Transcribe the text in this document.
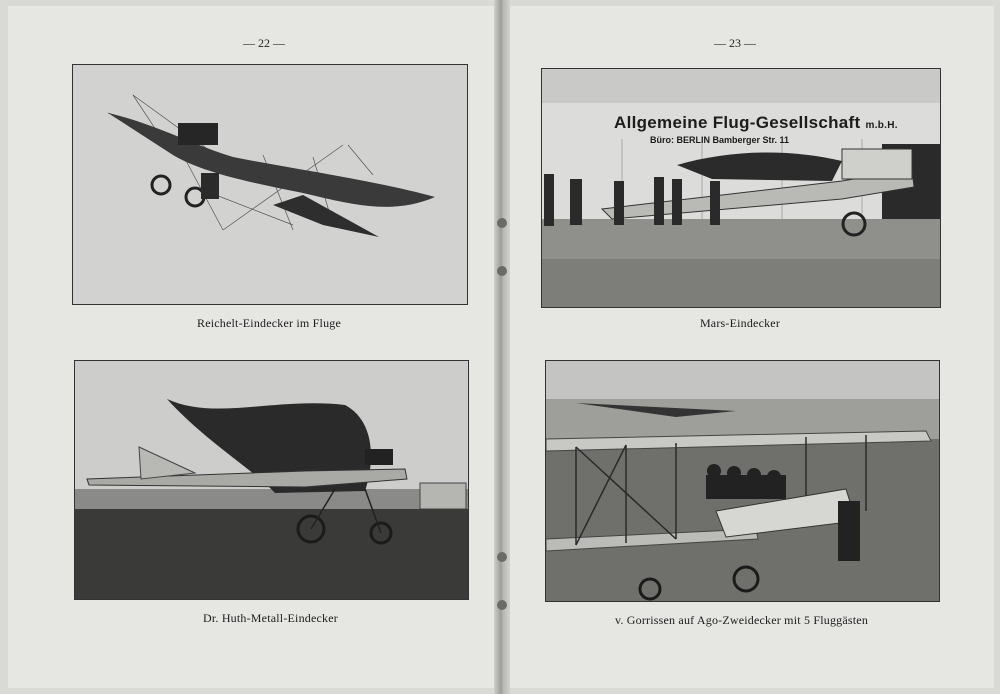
— 22 —	— 23 —
Reichelt-Eindecker im Fluge
Allgemeine Flug-Gesellschaft m.b.H.
Büro: BERLIN Bamberger Str. 11
Mars-Eindecker
Dr. Huth-Metall-Eindecker	v. Gorrissen auf Ago-Zweidecker mit 5 Fluggästen
